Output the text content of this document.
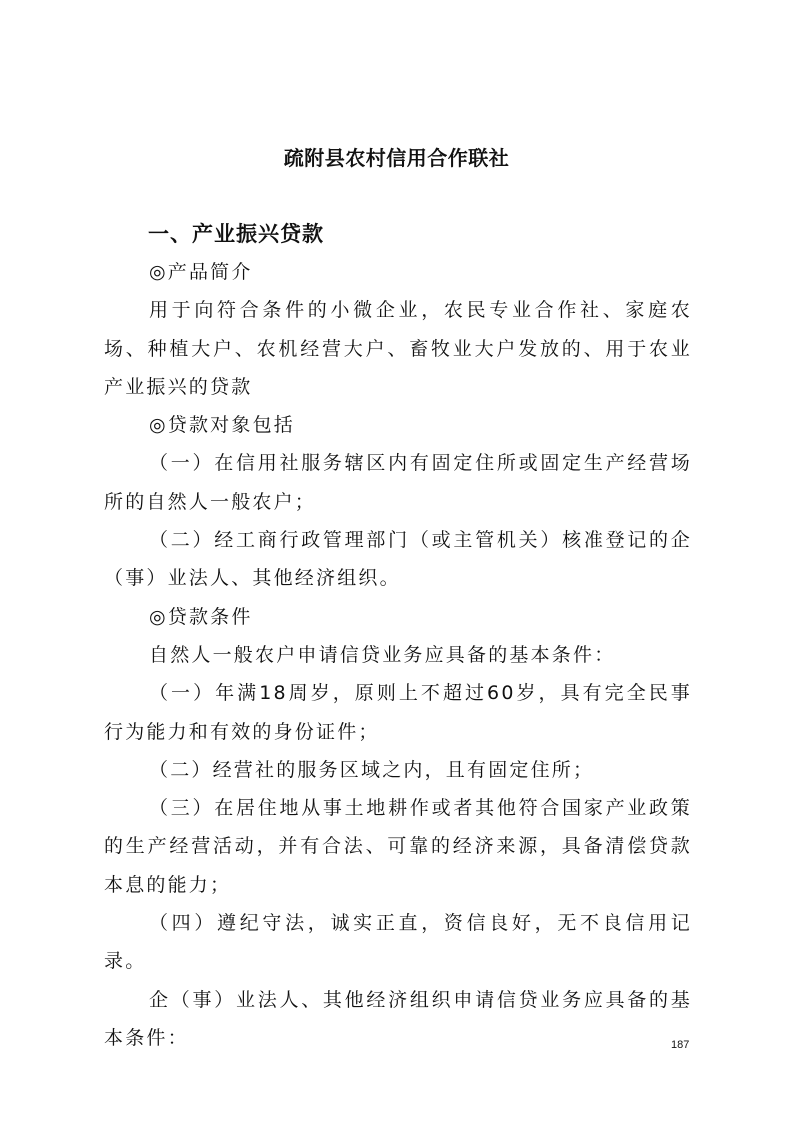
疏附县农村信用合作联社
一、产业振兴贷款

◎产品简介

用于向符合条件的小微企业，农民专业合作社、家庭农场、种植大户、农机经营大户、畜牧业大户发放的、用于农业产业振兴的贷款

◎贷款对象包括

（一）在信用社服务辖区内有固定住所或固定生产经营场所的自然人一般农户；

（二）经工商行政管理部门（或主管机关）核准登记的企（事）业法人、其他经济组织。

◎贷款条件

自然人一般农户申请信贷业务应具备的基本条件：

（一）年满18周岁，原则上不超过60岁，具有完全民事行为能力和有效的身份证件；

（二）经营社的服务区域之内，且有固定住所；

（三）在居住地从事土地耕作或者其他符合国家产业政策的生产经营活动，并有合法、可靠的经济来源，具备清偿贷款本息的能力；

（四）遵纪守法，诚实正直，资信良好，无不良信用记录。

企（事）业法人、其他经济组织申请信贷业务应具备的基本条件：	187
